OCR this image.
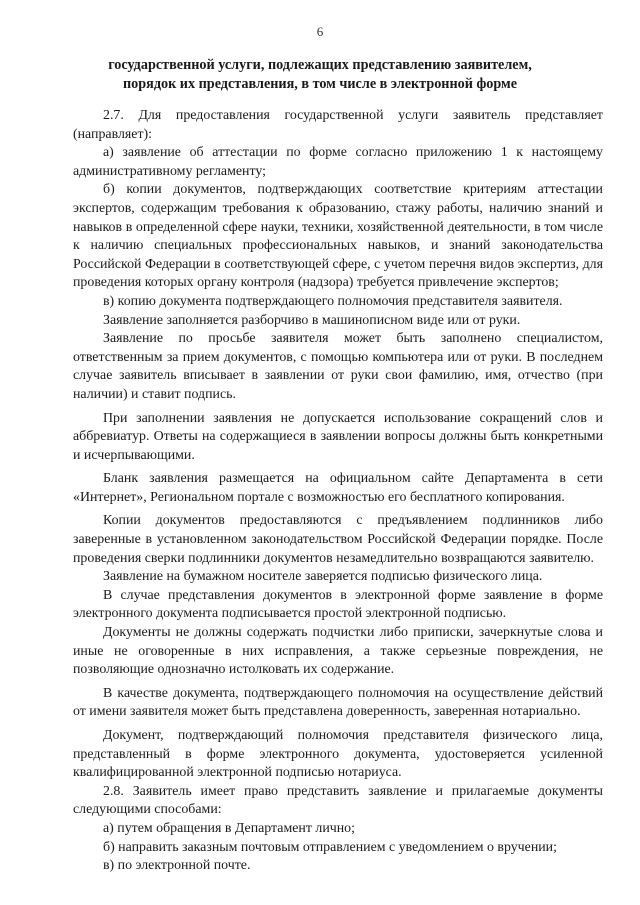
6
государственной услуги, подлежащих представлению заявителем,
порядок их представления, в том числе в электронной форме

2.7. Для предоставления государственной услуги заявитель представляет (направляет):

а) заявление об аттестации по форме согласно приложению 1 к настоящему административному регламенту;

б) копии документов, подтверждающих соответствие критериям аттестации экспертов, содержащим требования к образованию, стажу работы, наличию знаний и навыков в определенной сфере науки, техники, хозяйственной деятельности, в том числе к наличию специальных профессиональных навыков, и знаний законодательства Российской Федерации в соответствующей сфере, с учетом перечня видов экспертиз, для проведения которых органу контроля (надзора) требуется привлечение экспертов;

в) копию документа подтверждающего полномочия представителя заявителя.

Заявление заполняется разборчиво в машинописном виде или от руки.

Заявление по просьбе заявителя может быть заполнено специалистом, ответственным за прием документов, с помощью компьютера или от руки. В последнем случае заявитель вписывает в заявлении от руки свои фамилию, имя, отчество (при наличии) и ставит подпись.

При заполнении заявления не допускается использование сокращений слов и аббревиатур. Ответы на содержащиеся в заявлении вопросы должны быть конкретными и исчерпывающими.

Бланк заявления размещается на официальном сайте Департамента в сети «Интернет», Региональном портале с возможностью его бесплатного копирования.

Копии документов предоставляются с предъявлением подлинников либо заверенные в установленном законодательством Российской Федерации порядке. После проведения сверки подлинники документов незамедлительно возвращаются заявителю.

Заявление на бумажном носителе заверяется подписью физического лица.

В случае представления документов в электронной форме заявление в форме электронного документа подписывается простой электронной подписью.

Документы не должны содержать подчистки либо приписки, зачеркнутые слова и иные не оговоренные в них исправления, а также серьезные повреждения, не позволяющие однозначно истолковать их содержание.

В качестве документа, подтверждающего полномочия на осуществление действий от имени заявителя может быть представлена доверенность, заверенная нотариально.

Документ, подтверждающий полномочия представителя физического лица, представленный в форме электронного документа, удостоверяется усиленной квалифицированной электронной подписью нотариуса.

2.8. Заявитель имеет право представить заявление и прилагаемые документы следующими способами:

а) путем обращения в Департамент лично;

б) направить заказным почтовым отправлением с уведомлением о вручении;

в) по электронной почте.
